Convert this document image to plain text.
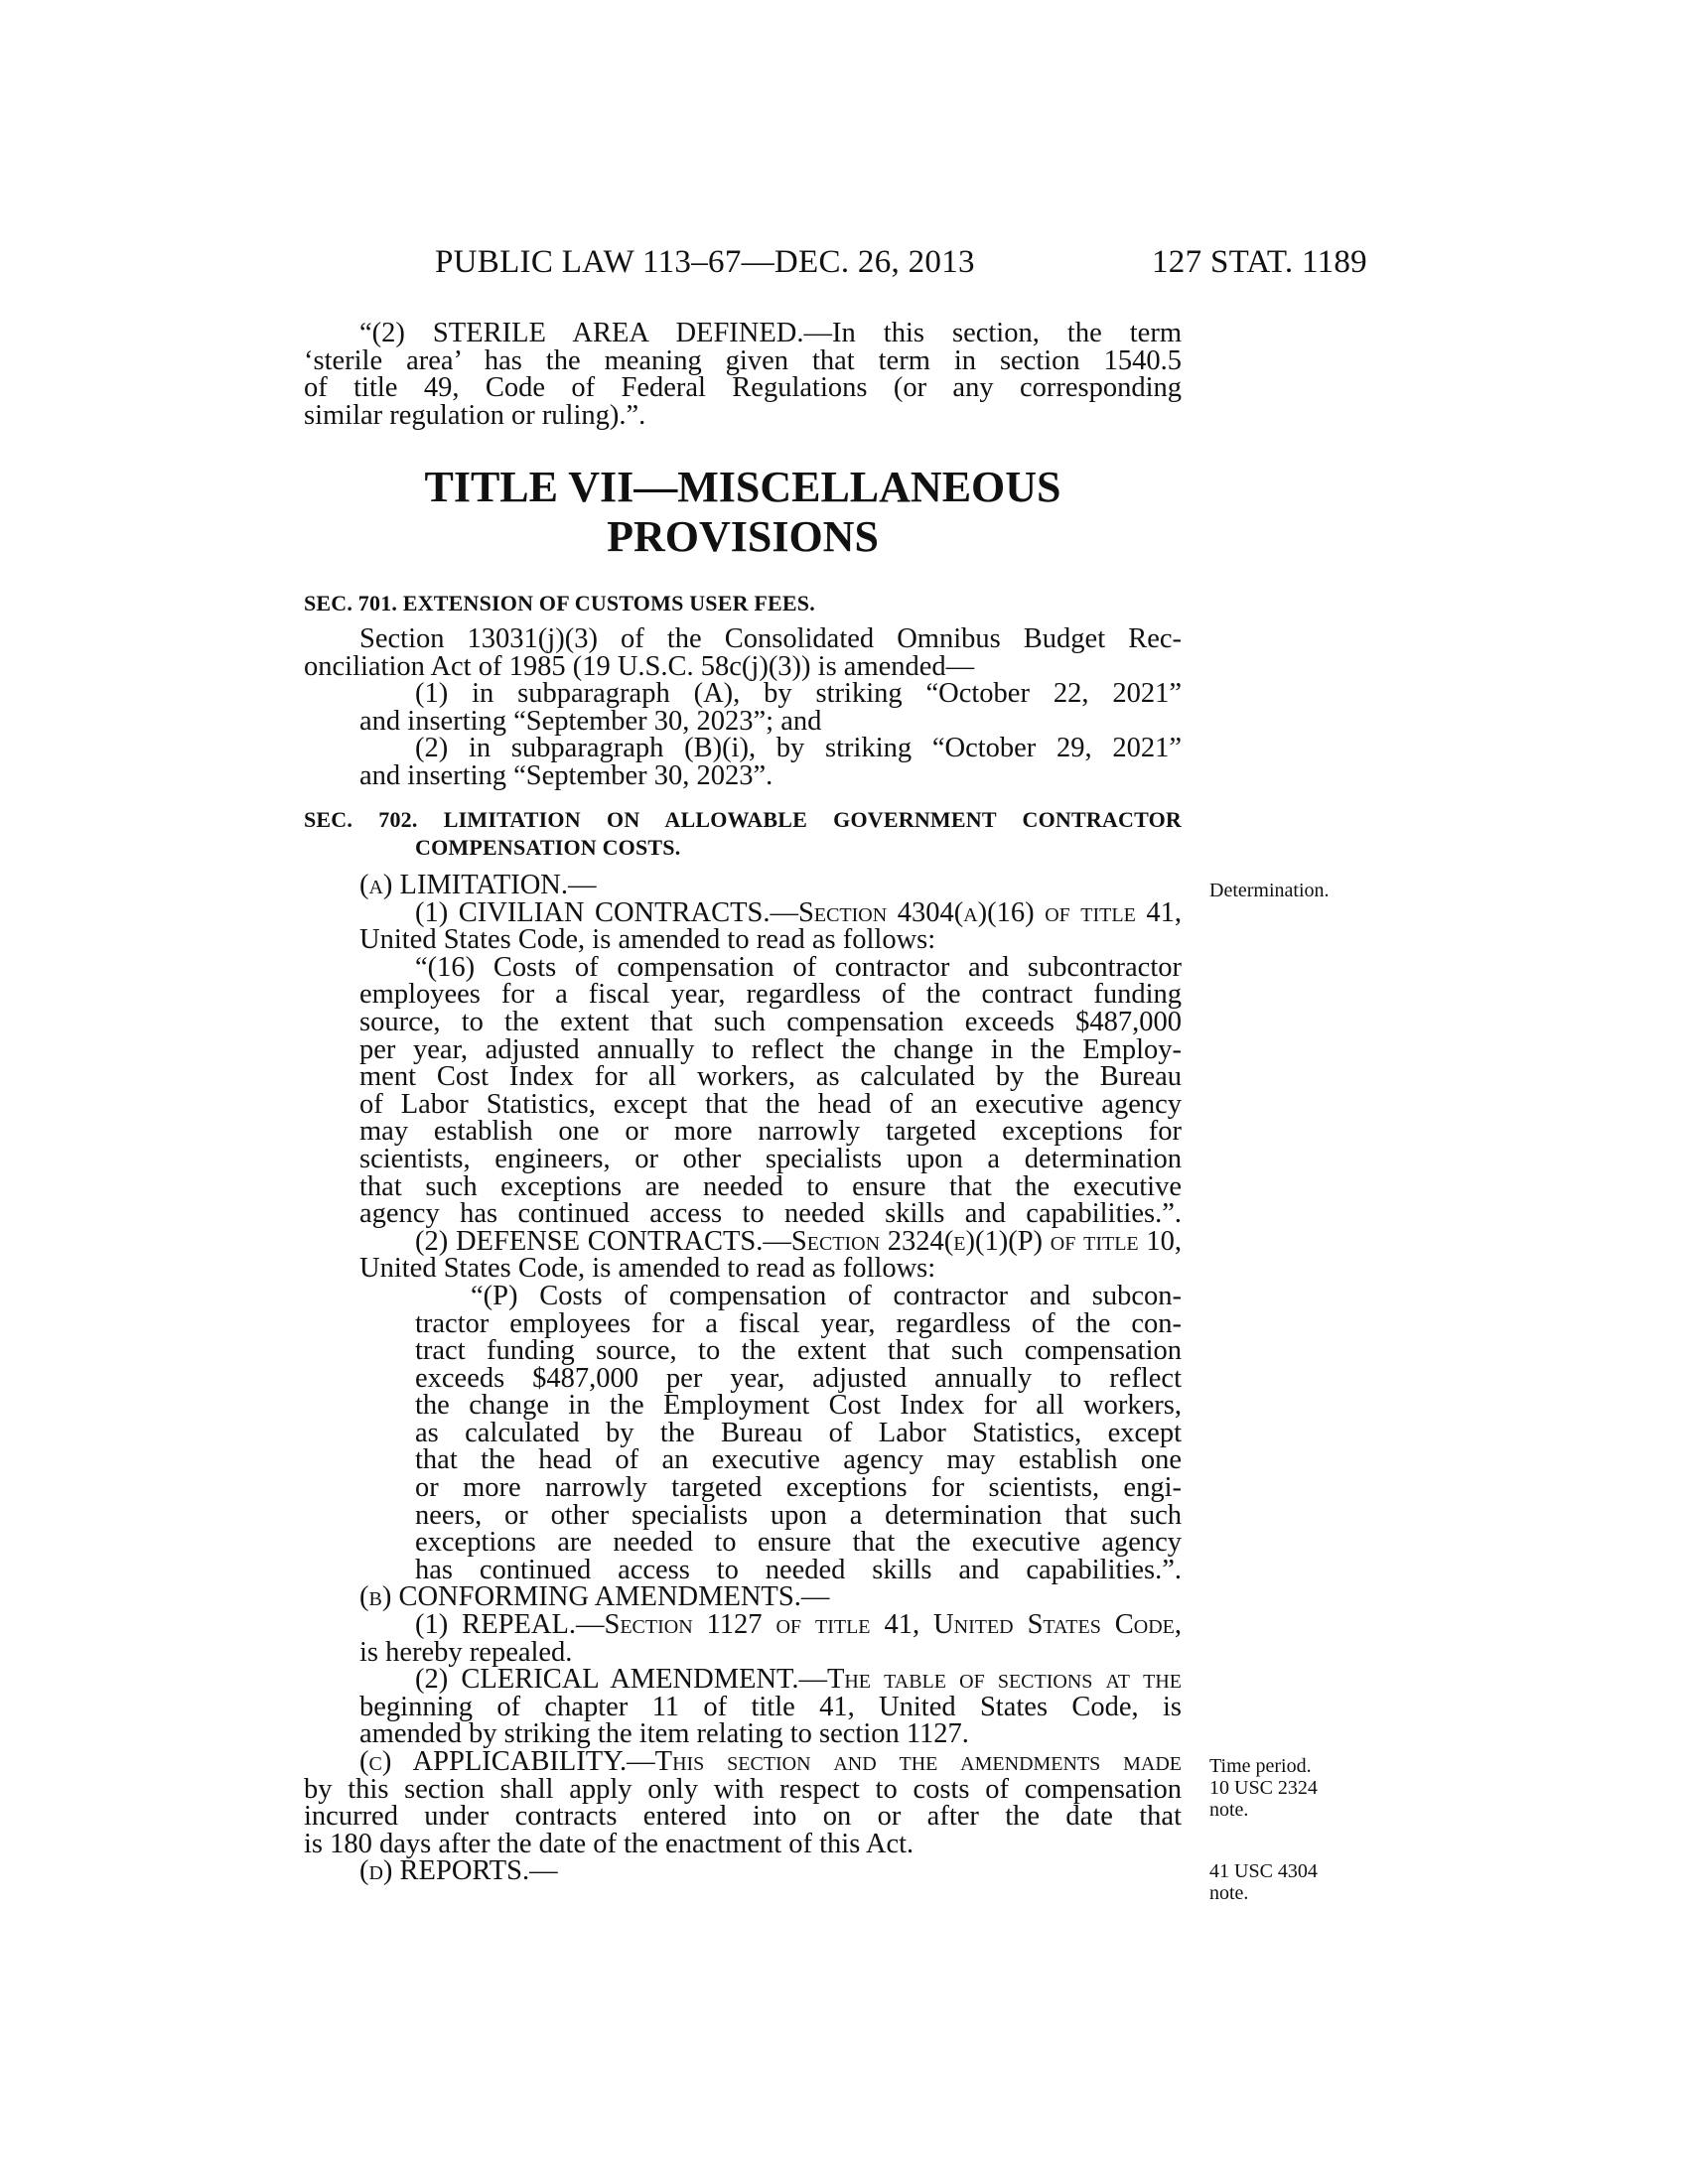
PUBLIC LAW 113–67—DEC. 26, 2013	127 STAT. 1189
“(2) STERILE AREA DEFINED.—In this section, the term
‘sterile area’ has the meaning given that term in section 1540.5
of title 49, Code of Federal Regulations (or any corresponding
similar regulation or ruling).”.
TITLE VII—MISCELLANEOUS
PROVISIONS
SEC. 701. EXTENSION OF CUSTOMS USER FEES.
Section 13031(j)(3) of the Consolidated Omnibus Budget Rec-
onciliation Act of 1985 (19 U.S.C. 58c(j)(3)) is amended—
(1) in subparagraph (A), by striking “October 22, 2021”
and inserting “September 30, 2023”; and
(2) in subparagraph (B)(i), by striking “October 29, 2021”
and inserting “September 30, 2023”.
SEC. 702. LIMITATION ON ALLOWABLE GOVERNMENT CONTRACTOR
COMPENSATION COSTS.
(a) LIMITATION.—
(1) CIVILIAN CONTRACTS.—Section 4304(a)(16) of title 41,
United States Code, is amended to read as follows:
“(16) Costs of compensation of contractor and subcontractor
employees for a fiscal year, regardless of the contract funding
source, to the extent that such compensation exceeds $487,000
per year, adjusted annually to reflect the change in the Employ-
ment Cost Index for all workers, as calculated by the Bureau
of Labor Statistics, except that the head of an executive agency
may establish one or more narrowly targeted exceptions for
scientists, engineers, or other specialists upon a determination
that such exceptions are needed to ensure that the executive
agency has continued access to needed skills and capabilities.”.
(2) DEFENSE CONTRACTS.—Section 2324(e)(1)(P) of title 10,
United States Code, is amended to read as follows:
“(P) Costs of compensation of contractor and subcon-
tractor employees for a fiscal year, regardless of the con-
tract funding source, to the extent that such compensation
exceeds $487,000 per year, adjusted annually to reflect
the change in the Employment Cost Index for all workers,
as calculated by the Bureau of Labor Statistics, except
that the head of an executive agency may establish one
or more narrowly targeted exceptions for scientists, engi-
neers, or other specialists upon a determination that such
exceptions are needed to ensure that the executive agency
has continued access to needed skills and capabilities.”.
(b) CONFORMING AMENDMENTS.—
(1) REPEAL.—Section 1127 of title 41, United States Code,
is hereby repealed.
(2) CLERICAL AMENDMENT.—The table of sections at the
beginning of chapter 11 of title 41, United States Code, is
amended by striking the item relating to section 1127.
(c) APPLICABILITY.—This section and the amendments made
by this section shall apply only with respect to costs of compensation
incurred under contracts entered into on or after the date that
is 180 days after the date of the enactment of this Act.
(d) REPORTS.—
Determination.
Time period.
10 USC 2324
note.
41 USC 4304
note.
